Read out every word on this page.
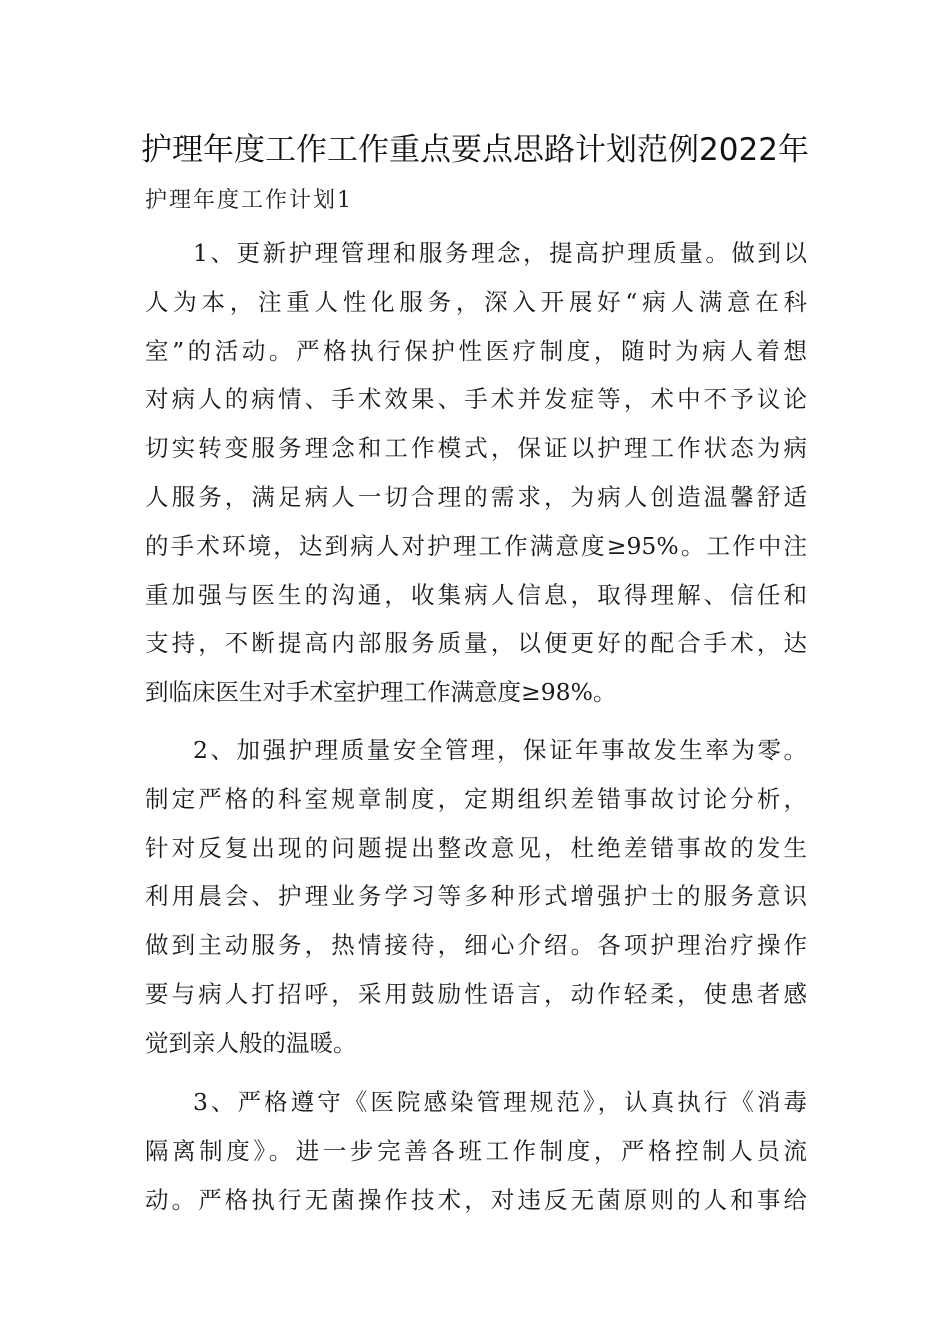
护理年度工作工作重点要点思路计划范例2022年
护理年度工作计划1
1、更新护理管理和服务理念，提高护理质量。做到以
人为本，注重人性化服务，深入开展好“病人满意在科
室”的活动。严格执行保护性医疗制度，随时为病人着想
对病人的病情、手术效果、手术并发症等，术中不予议论
切实转变服务理念和工作模式，保证以护理工作状态为病
人服务，满足病人一切合理的需求，为病人创造温馨舒适
的手术环境，达到病人对护理工作满意度≥95%。工作中注
重加强与医生的沟通，收集病人信息，取得理解、信任和
支持，不断提高内部服务质量，以便更好的配合手术，达
到临床医生对手术室护理工作满意度≥98%。
2、加强护理质量安全管理，保证年事故发生率为零。
制定严格的科室规章制度，定期组织差错事故讨论分析，
针对反复出现的问题提出整改意见，杜绝差错事故的发生
利用晨会、护理业务学习等多种形式增强护士的服务意识
做到主动服务，热情接待，细心介绍。各项护理治疗操作
要与病人打招呼，采用鼓励性语言，动作轻柔，使患者感
觉到亲人般的温暖。
3、严格遵守《医院感染管理规范》，认真执行《消毒
隔离制度》。进一步完善各班工作制度，严格控制人员流
动。严格执行无菌操作技术，对违反无菌原则的人和事给
